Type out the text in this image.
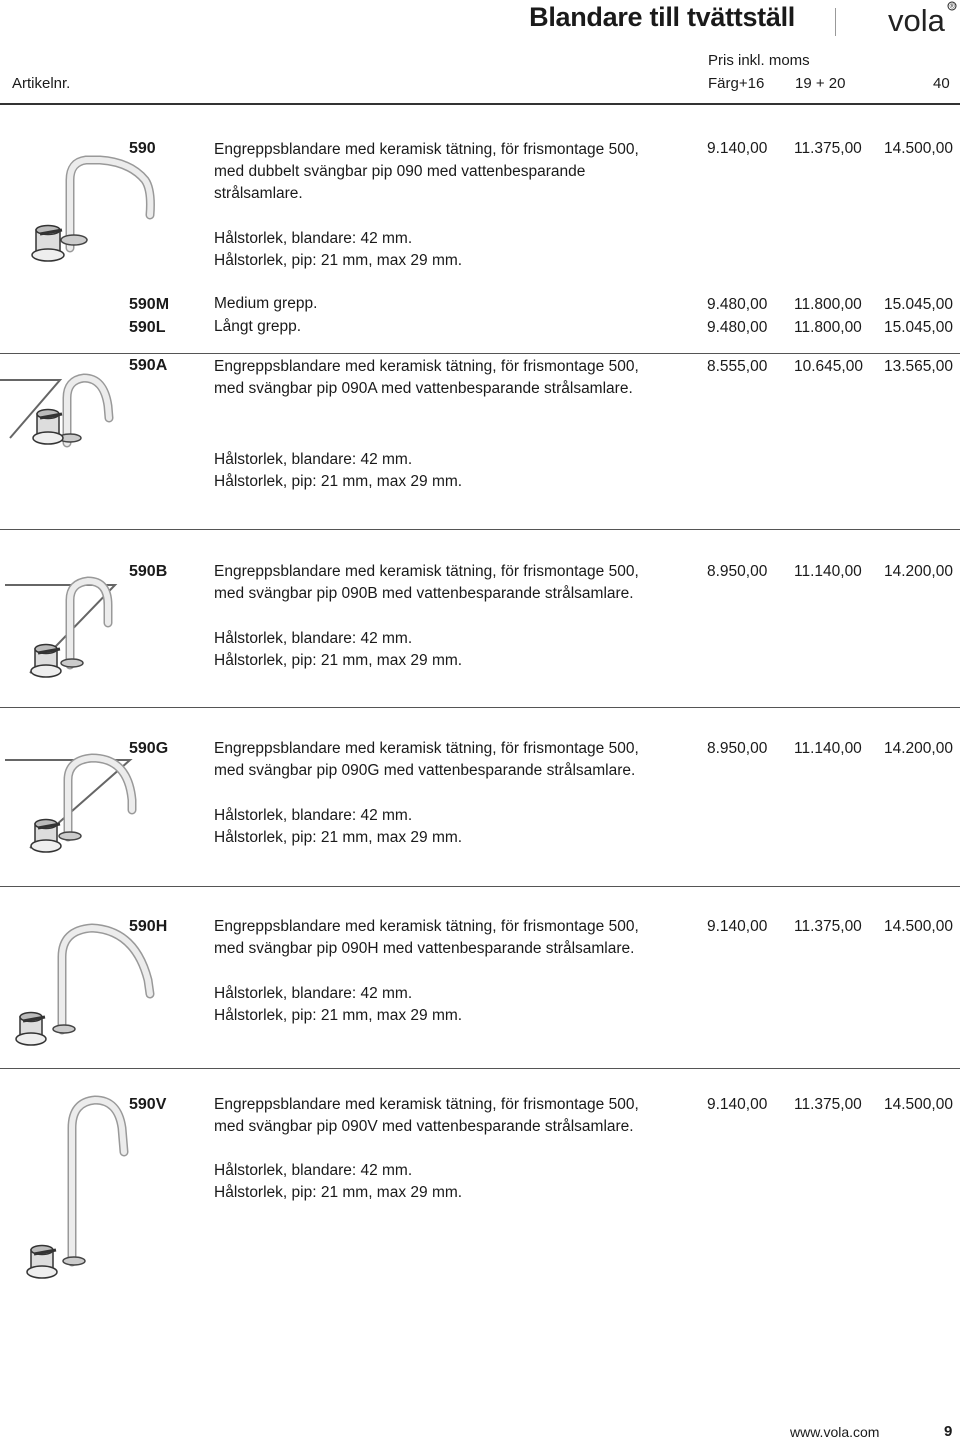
Blandare till tvättställ	vola ®
Pris inkl. moms
Artikelnr.	Färg+16 19 + 20	40
590	Engreppsblandare med keramisk tätning, för frismontage 500,
med dubbelt svängbar pip 090 med vattenbesparande
strålsamlare.
Hålstorlek, blandare: 42 mm.
Hålstorlek, pip: 21 mm, max 29 mm.
9.140,00 11.375,00 14.500,00
590M	Medium grepp.	9.480,00 11.800,00 15.045,00
590L	Långt grepp.	9.480,00 11.800,00 15.045,00
590A	Engreppsblandare med keramisk tätning, för frismontage 500,
med svängbar pip 090A med vattenbesparande strålsamlare.
Hålstorlek, blandare: 42 mm.
Hålstorlek, pip: 21 mm, max 29 mm.
8.555,00 10.645,00 13.565,00
590B	Engreppsblandare med keramisk tätning, för frismontage 500,
med svängbar pip 090B med vattenbesparande strålsamlare.
Hålstorlek, blandare: 42 mm.
Hålstorlek, pip: 21 mm, max 29 mm.
8.950,00 11.140,00 14.200,00
590G	Engreppsblandare med keramisk tätning, för frismontage 500,
med svängbar pip 090G med vattenbesparande strålsamlare.
Hålstorlek, blandare: 42 mm.
Hålstorlek, pip: 21 mm, max 29 mm.
8.950,00 11.140,00 14.200,00
590H	Engreppsblandare med keramisk tätning, för frismontage 500,
med svängbar pip 090H med vattenbesparande strålsamlare.
Hålstorlek, blandare: 42 mm.
Hålstorlek, pip: 21 mm, max 29 mm.
9.140,00 11.375,00 14.500,00
590V	Engreppsblandare med keramisk tätning, för frismontage 500,
med svängbar pip 090V med vattenbesparande strålsamlare.
Hålstorlek, blandare: 42 mm.
Hålstorlek, pip: 21 mm, max 29 mm.
9.140,00 11.375,00 14.500,00
www.vola.com	9
